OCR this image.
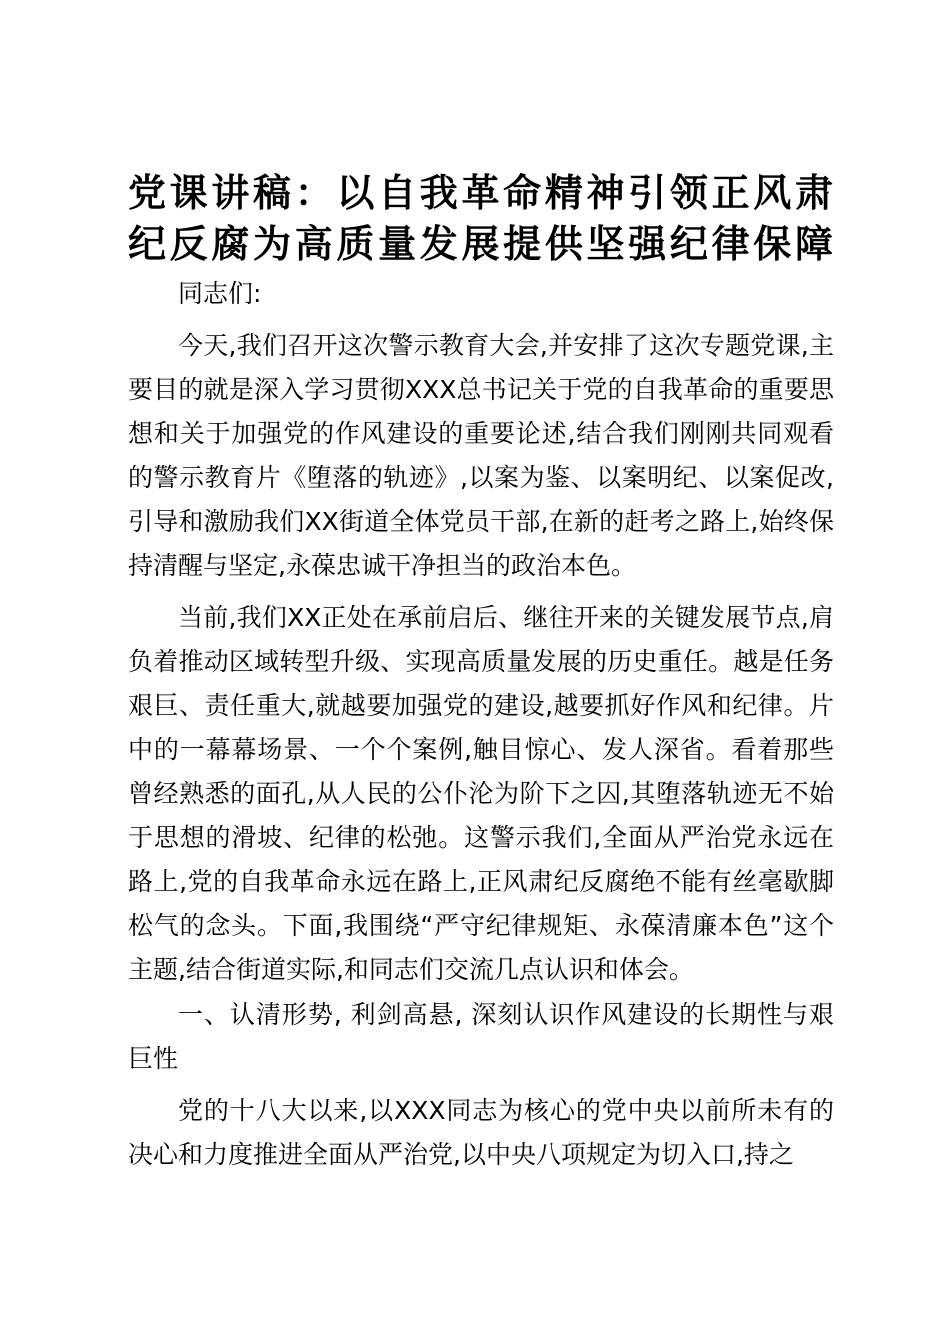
党课讲稿：以自我革命精神引领正风肃
纪反腐为高质量发展提供坚强纪律保障

同志们:

今天,我们召开这次警示教育大会,并安排了这次专题党课,主要目的就是深入学习贯彻XXX总书记关于党的自我革命的重要思想和关于加强党的作风建设的重要论述,结合我们刚刚共同观看的警示教育片《堕落的轨迹》,以案为鉴、以案明纪、以案促改,引导和激励我们XX街道全体党员干部,在新的赶考之路上,始终保持清醒与坚定,永葆忠诚干净担当的政治本色。

当前,我们XX正处在承前启后、继往开来的关键发展节点,肩负着推动区域转型升级、实现高质量发展的历史重任。越是任务艰巨、责任重大,就越要加强党的建设,越要抓好作风和纪律。片中的一幕幕场景、一个个案例,触目惊心、发人深省。看着那些曾经熟悉的面孔,从人民的公仆沦为阶下之囚,其堕落轨迹无不始于思想的滑坡、纪律的松弛。这警示我们,全面从严治党永远在路上,党的自我革命永远在路上,正风肃纪反腐绝不能有丝毫歇脚松气的念头。下面,我围绕“严守纪律规矩、永葆清廉本色”这个主题,结合街道实际,和同志们交流几点认识和体会。

一、认清形势, 利剑高悬, 深刻认识作风建设的长期性与艰巨性

党的十八大以来,以XXX同志为核心的党中央以前所未有的决心和力度推进全面从严治党,以中央八项规定为切入口,持之
